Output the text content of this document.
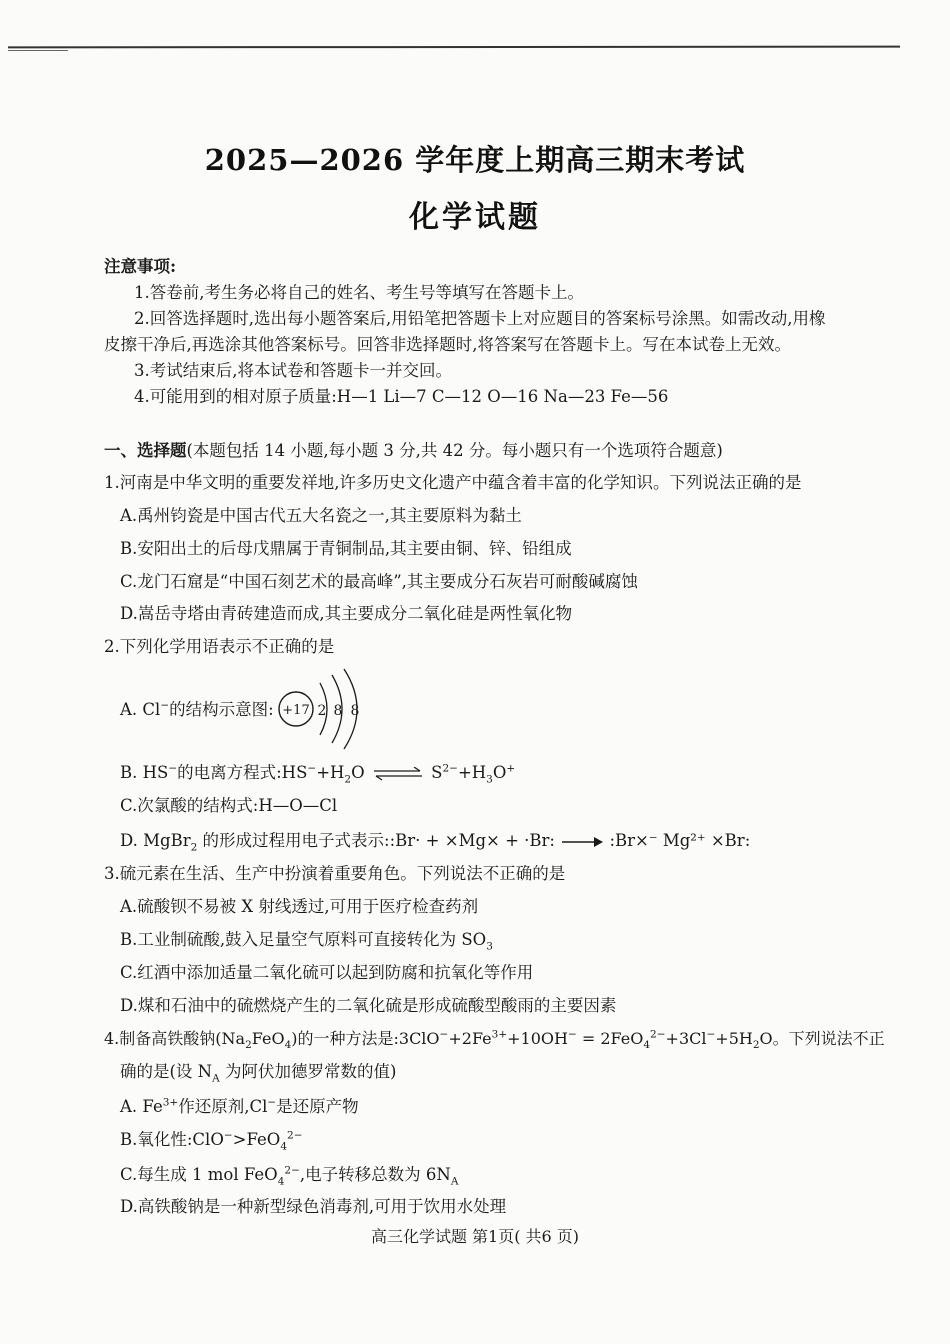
2025—2026 学年度上期高三期末考试
化学试题
注意事项:
1.答卷前,考生务必将自己的姓名、考生号等填写在答题卡上。
2.回答选择题时,选出每小题答案后,用铅笔把答题卡上对应题目的答案标号涂黑。如需改动,用橡
皮擦干净后,再选涂其他答案标号。回答非选择题时,将答案写在答题卡上。写在本试卷上无效。
3.考试结束后,将本试卷和答题卡一并交回。
4.可能用到的相对原子质量:H—1 Li—7 C—12 O—16 Na—23 Fe—56
一、选择题(本题包括 14 小题,每小题 3 分,共 42 分。每小题只有一个选项符合题意)
1.河南是中华文明的重要发祥地,许多历史文化遗产中蕴含着丰富的化学知识。下列说法正确的是
A.禹州钧瓷是中国古代五大名瓷之一,其主要原料为黏土
B.安阳出土的后母戊鼎属于青铜制品,其主要由铜、锌、铅组成
C.龙门石窟是“中国石刻艺术的最高峰”,其主要成分石灰岩可耐酸碱腐蚀
D.嵩岳寺塔由青砖建造而成,其主要成分二氧化硅是两性氧化物
2.下列化学用语表示不正确的是
A. Cl−的结构示意图: +17 2 8 8
B. HS−的电离方程式$:HS^-+H_2O$ ⇌ $S^{2-}+H_3O^+$
C.次氯酸的结构式:H—O—Cl
D. MgBr$_2$ 的形成过程用电子式表示::Br· + ×Mg× + ·Br: → :Br×⁻ Mg²⁺ ×Br:
3.硫元素在生活、生产中扮演着重要角色。下列说法不正确的是
A.硫酸钡不易被 X 射线透过,可用于医疗检查药剂
B.工业制硫酸,鼓入足量空气原料可直接转化为 $SO_3$
C.红酒中添加适量二氧化硫可以起到防腐和抗氧化等作用
D.煤和石油中的硫燃烧产生的二氧化硫是形成硫酸型酸雨的主要因素
4.制备高铁酸钠$(Na_2FeO_4)$的一种方法是$:3ClO^-+2Fe^{3+}+10OH^- = 2FeO_4^{2-}+3Cl^-+5H_2O$。下列说法不正
确的是(设 $N_A$ 为阿伏加德罗常数的值)
A. $Fe^{3+}$作还原剂,Cl−是还原产物
B.氧化性:ClO−>FeO$_4^{2-}$
C.每生成 1 mol FeO$_4^{2-}$,电子转移总数为 $6N_A$
D.高铁酸钠是一种新型绿色消毒剂,可用于饮用水处理
高三化学试题 第1页( 共6 页)
